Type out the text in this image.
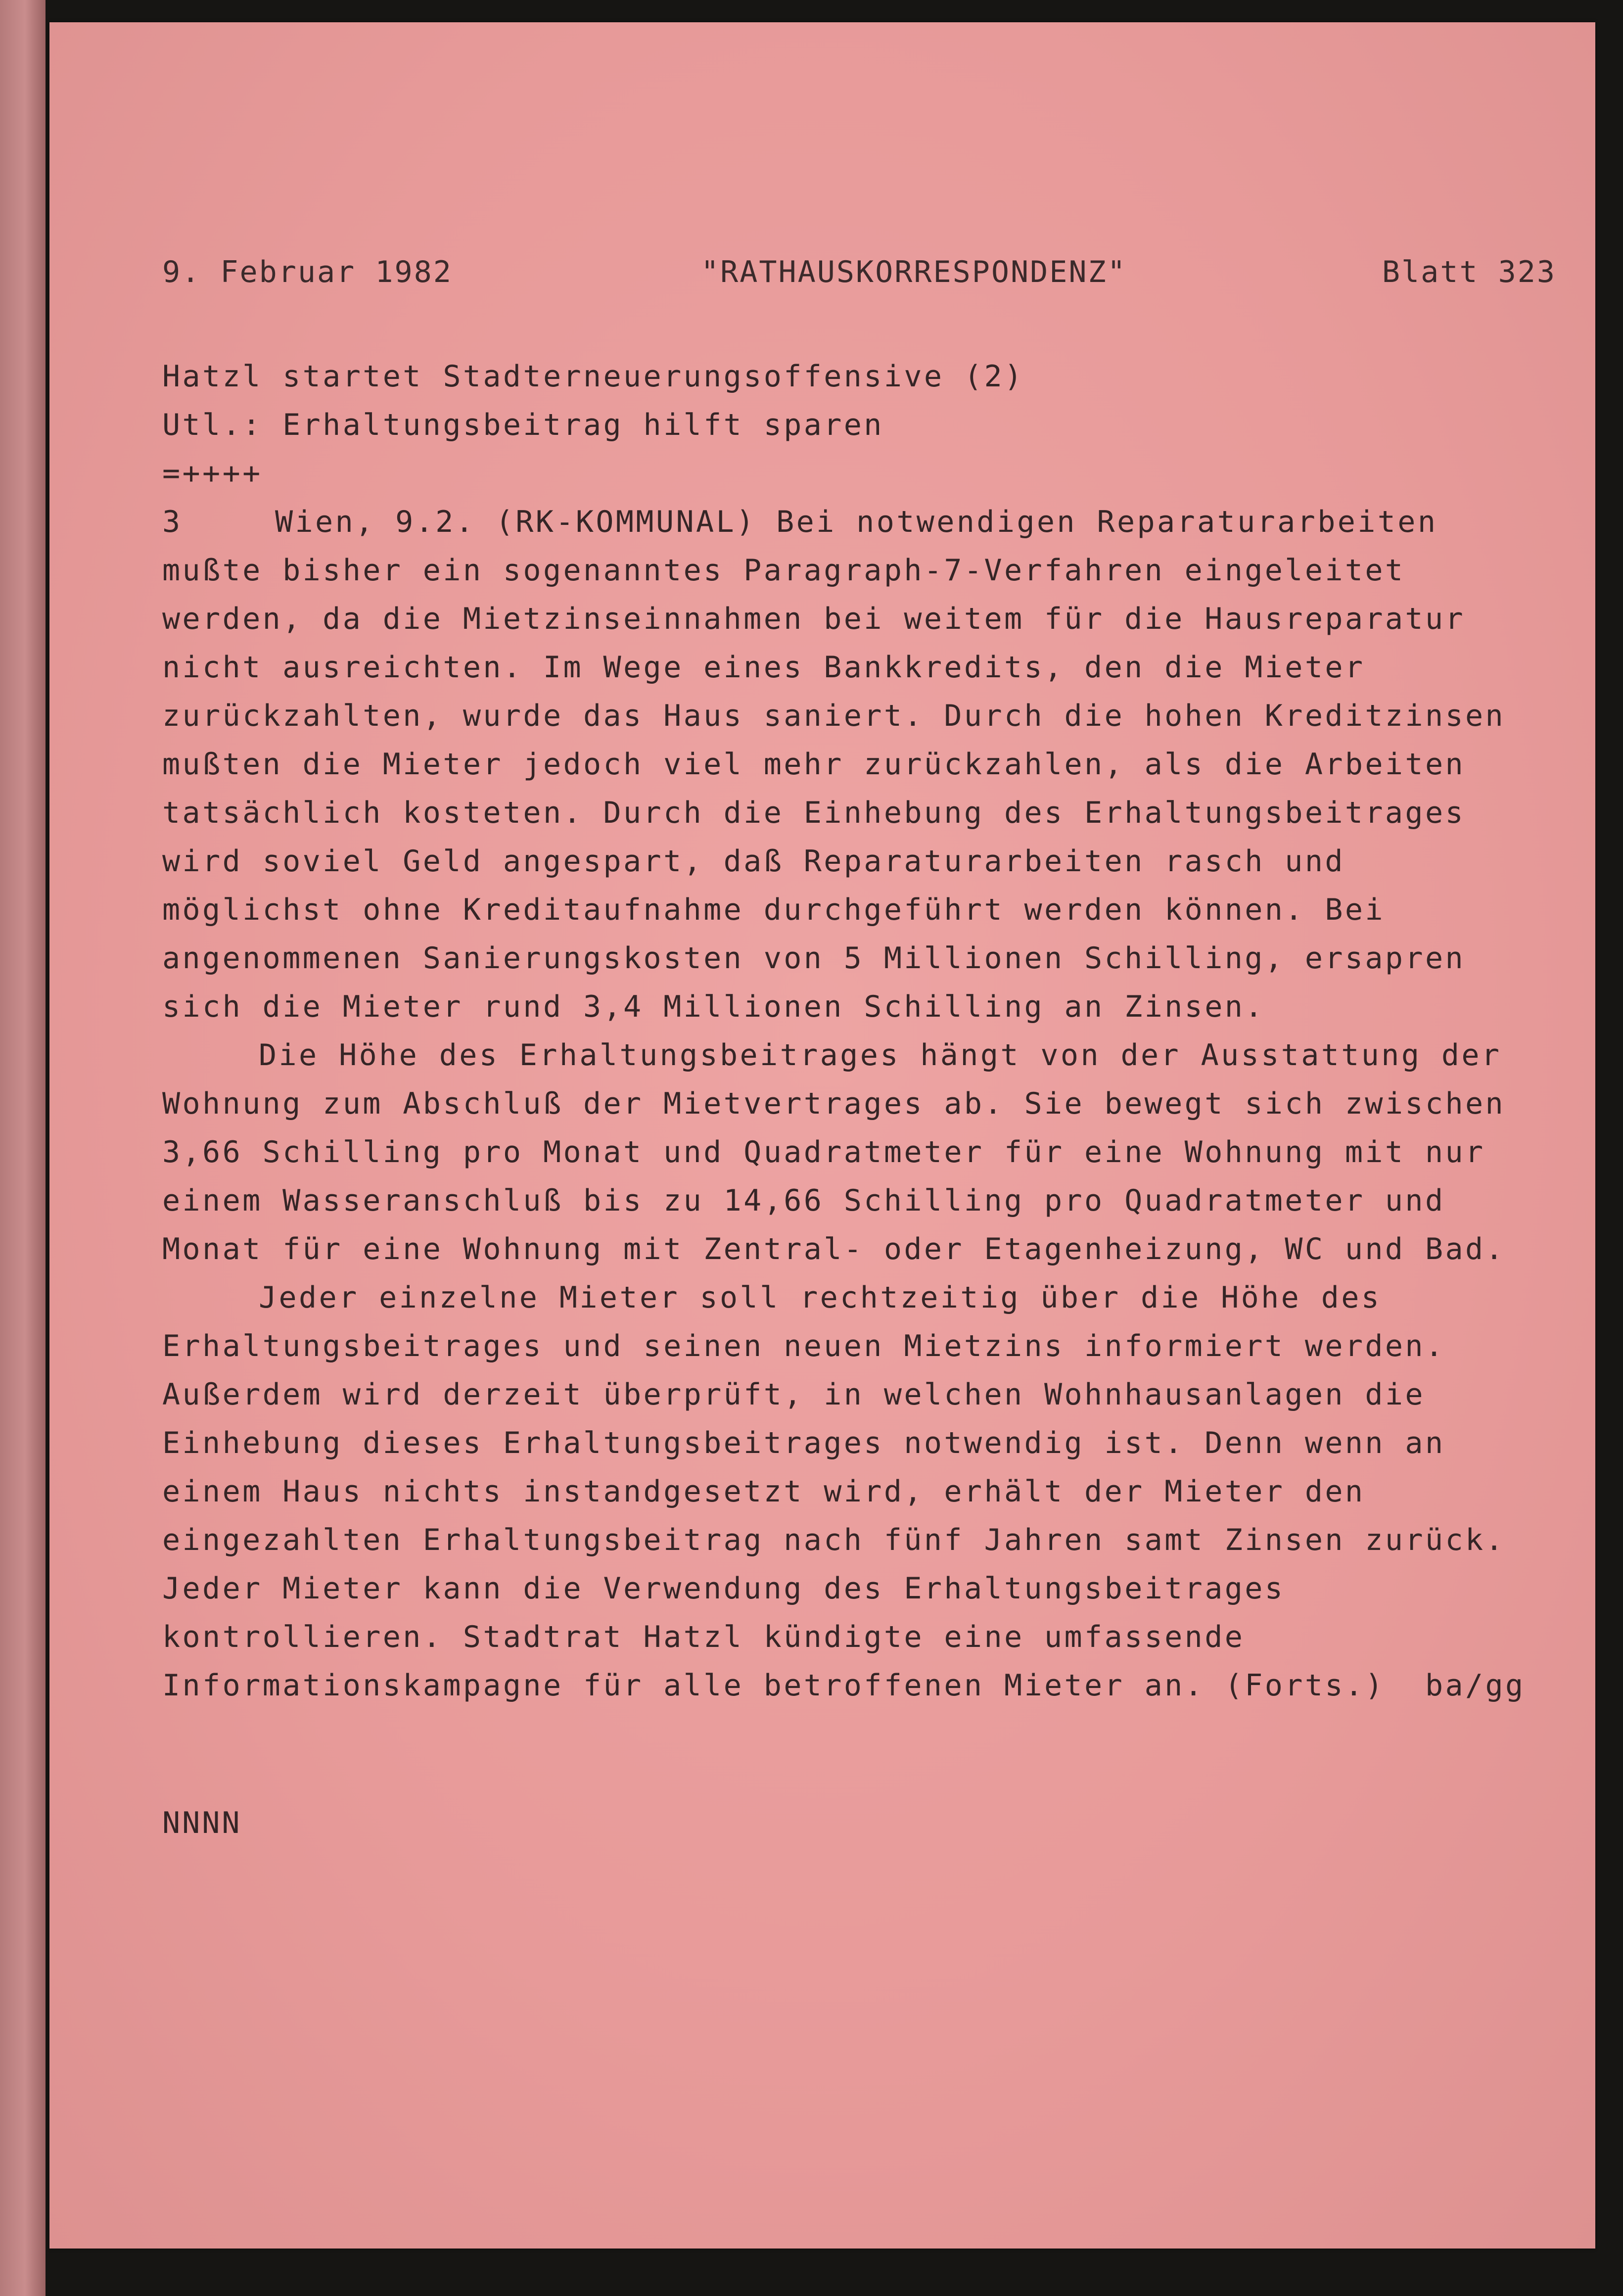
9. Februar 1982	"RATHAUSKORRESPONDENZ"	Blatt 323
Hatzl startet Stadterneuerungsoffensive (2)
Utl.: Erhaltungsbeitrag hilft sparen
=++++
3	Wien, 9.2. (RK-KOMMUNAL) Bei notwendigen Reparaturarbeiten
mußte bisher ein sogenanntes Paragraph-7-Verfahren eingeleitet
werden, da die Mietzinseinnahmen bei weitem für die Hausreparatur
nicht ausreichten. Im Wege eines Bankkredits, den die Mieter
zurückzahlten, wurde das Haus saniert. Durch die hohen Kreditzinsen
mußten die Mieter jedoch viel mehr zurückzahlen, als die Arbeiten
tatsächlich kosteten. Durch die Einhebung des Erhaltungsbeitrages
wird soviel Geld angespart, daß Reparaturarbeiten rasch und
möglichst ohne Kreditaufnahme durchgeführt werden können. Bei
angenommenen Sanierungskosten von 5 Millionen Schilling, ersapren
sich die Mieter rund 3,4 Millionen Schilling an Zinsen.
Die Höhe des Erhaltungsbeitrages hängt von der Ausstattung der
Wohnung zum Abschluß der Mietvertrages ab. Sie bewegt sich zwischen
3,66 Schilling pro Monat und Quadratmeter für eine Wohnung mit nur
einem Wasseranschluß bis zu 14,66 Schilling pro Quadratmeter und
Monat für eine Wohnung mit Zentral- oder Etagenheizung, WC und Bad.
Jeder einzelne Mieter soll rechtzeitig über die Höhe des
Erhaltungsbeitrages und seinen neuen Mietzins informiert werden.
Außerdem wird derzeit überprüft, in welchen Wohnhausanlagen die
Einhebung dieses Erhaltungsbeitrages notwendig ist. Denn wenn an
einem Haus nichts instandgesetzt wird, erhält der Mieter den
eingezahlten Erhaltungsbeitrag nach fünf Jahren samt Zinsen zurück.
Jeder Mieter kann die Verwendung des Erhaltungsbeitrages
kontrollieren. Stadtrat Hatzl kündigte eine umfassende
Informationskampagne für alle betroffenen Mieter an. (Forts.)  ba/gg
NNNN
